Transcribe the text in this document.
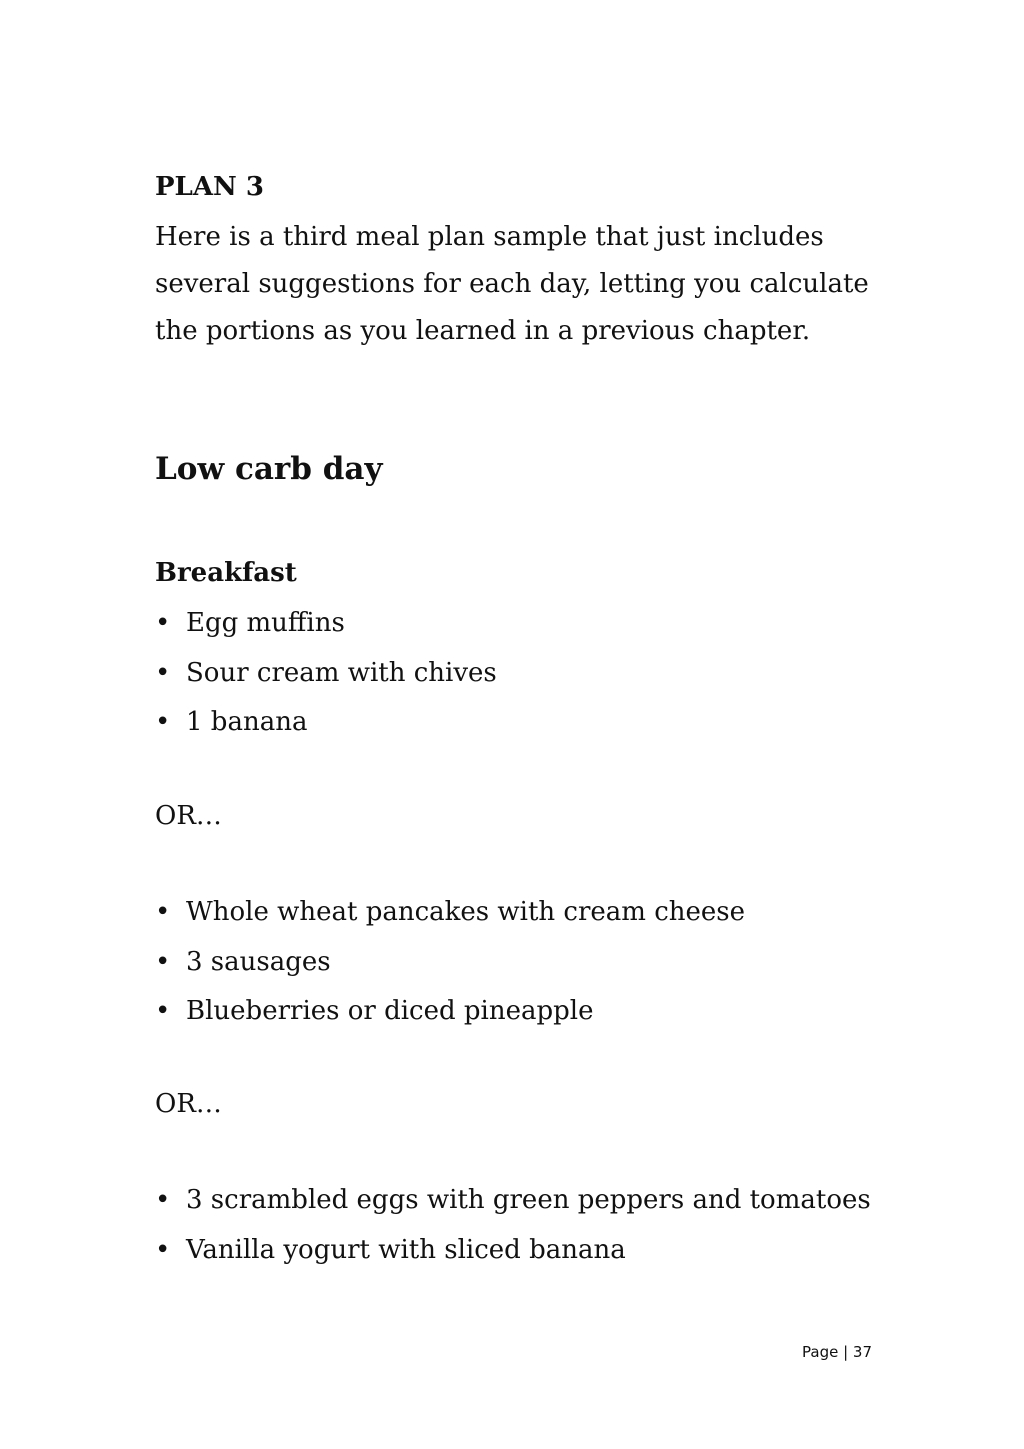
PLAN 3

Here is a third meal plan sample that just includes several suggestions for each day, letting you calculate the portions as you learned in a previous chapter.

Low carb day
Breakfast
• Egg muffins
• Sour cream with chives
• 1 banana

OR…

• Whole wheat pancakes with cream cheese
• 3 sausages
• Blueberries or diced pineapple

OR…

• 3 scrambled eggs with green peppers and tomatoes
• Vanilla yogurt with sliced banana
Page | 37
